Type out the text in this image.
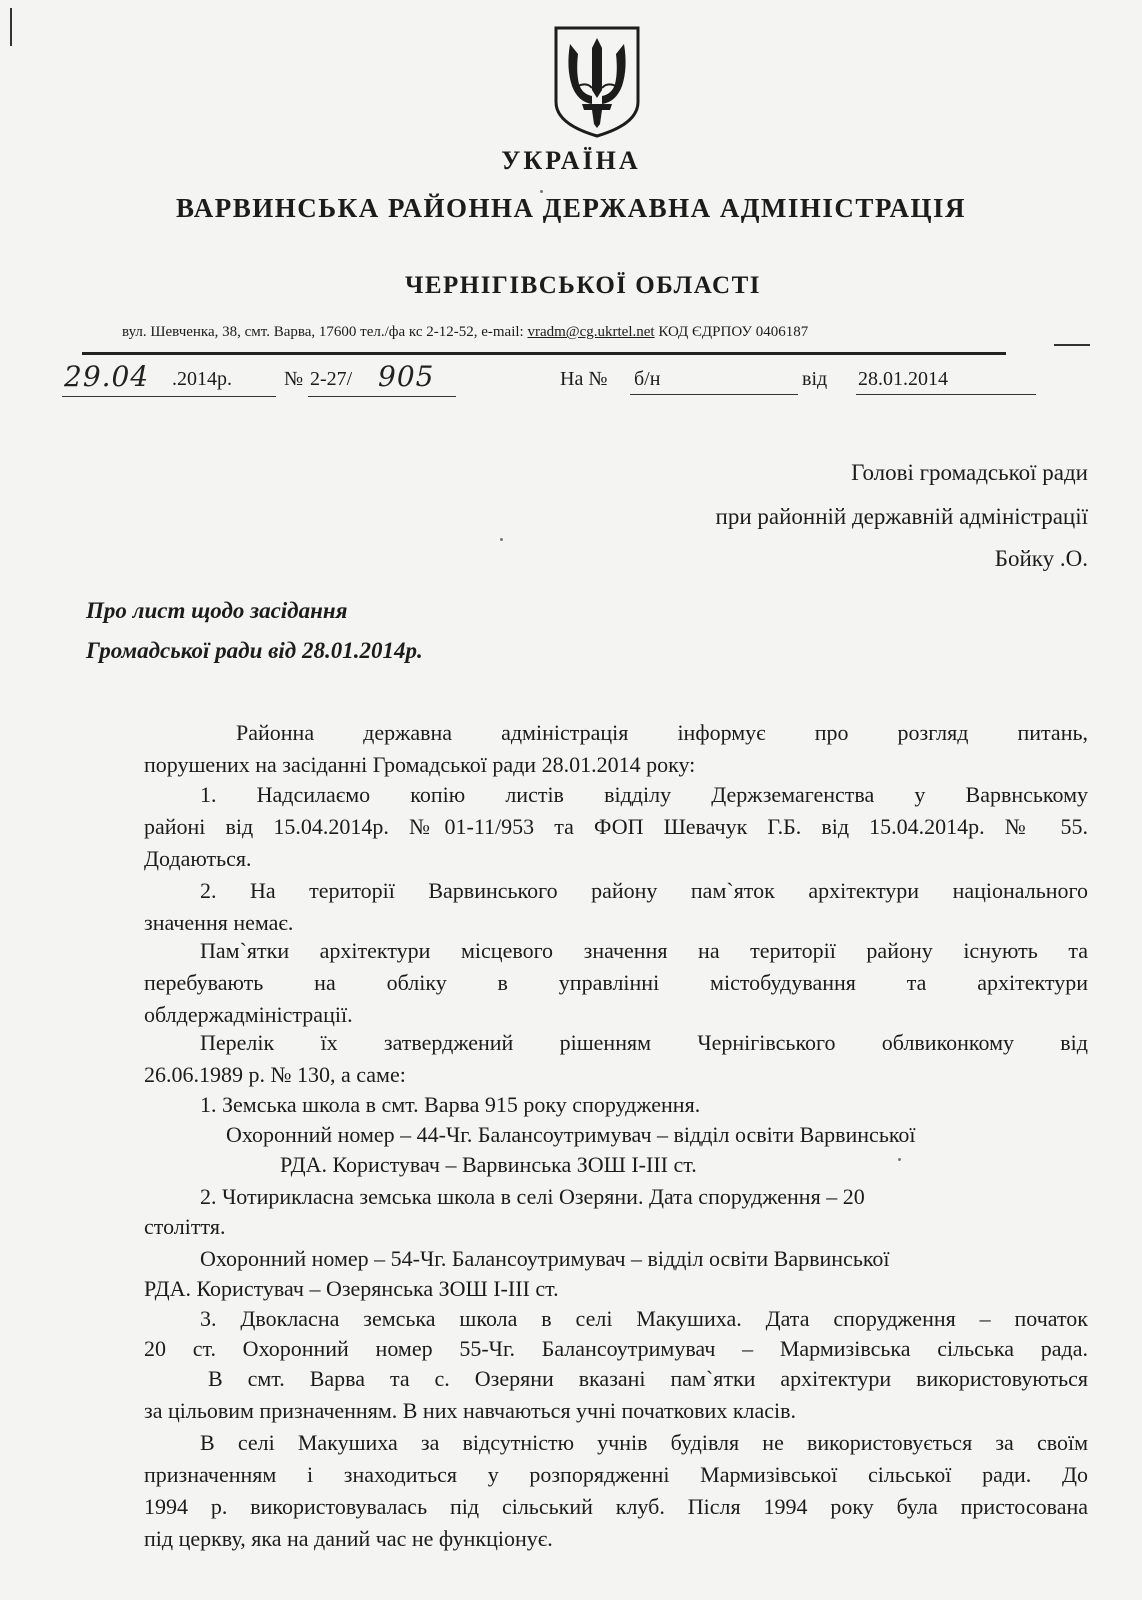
УКРАЇНА
ВАРВИНСЬКА РАЙОННА ДЕРЖАВНА АДМІНІСТРАЦІЯ
ЧЕРНІГІВСЬКОЇ ОБЛАСТІ
вул. Шевченка, 38, смт. Варва, 17600 тел./фа кс 2-12-52, e-mail: vradm@cg.ukrtel.net КОД ЄДРПОУ 0406187
29.04 .2014р.	№ 2-27/ 905	На № б/н	від 28.01.2014
Голові громадської ради
при районній державній адміністрації
Бойку .О.
Про лист щодо засідання
Громадської ради від 28.01.2014р.
Районна державна адміністрація інформує про розгляд питань,
порушених на засіданні Громадської ради 28.01.2014 року:
1. Надсилаємо копію листів відділу Держземагенства у Варвнському
районі від 15.04.2014р. №01-11/953 та ФОП Шевачук Г.Б. від 15.04.2014р. № 55.
Додаються.
2. На території Варвинського району пам`яток архітектури національного
значення немає.
Пам`ятки архітектури місцевого значення на території району існують та
перебувають на обліку в управлінні містобудування та архітектури
облдержадміністрації.
Перелік їх затверджений рішенням Чернігівського облвиконкому від
26.06.1989 р. № 130, а саме:
1. Земська школа в смт. Варва 915 року спорудження.
Охоронний номер – 44-Чг. Балансоутримувач – відділ освіти Варвинської
РДА. Користувач – Варвинська ЗОШ І-ІІІ ст.
2. Чотирикласна земська школа в селі Озеряни. Дата спорудження – 20
століття.
Охоронний номер – 54-Чг. Балансоутримувач – відділ освіти Варвинської
РДА. Користувач – Озерянська ЗОШ І-ІІІ ст.
3. Двокласна земська школа в селі Макушиха. Дата спорудження – початок
20 ст. Охоронний номер 55-Чг. Балансоутримувач – Мармизівська сільська рада.
В смт. Варва та с. Озеряни вказані пам`ятки архітектури використовуються
за цільовим призначенням. В них навчаються учні початкових класів.
В селі Макушиха за відсутністю учнів будівля не використовується за своїм
призначенням і знаходиться у розпорядженні Мармизівської сільської ради. До
1994 р. використовувалась під сільський клуб. Після 1994 року була пристосована
під церкву, яка на даний час не функціонує.
